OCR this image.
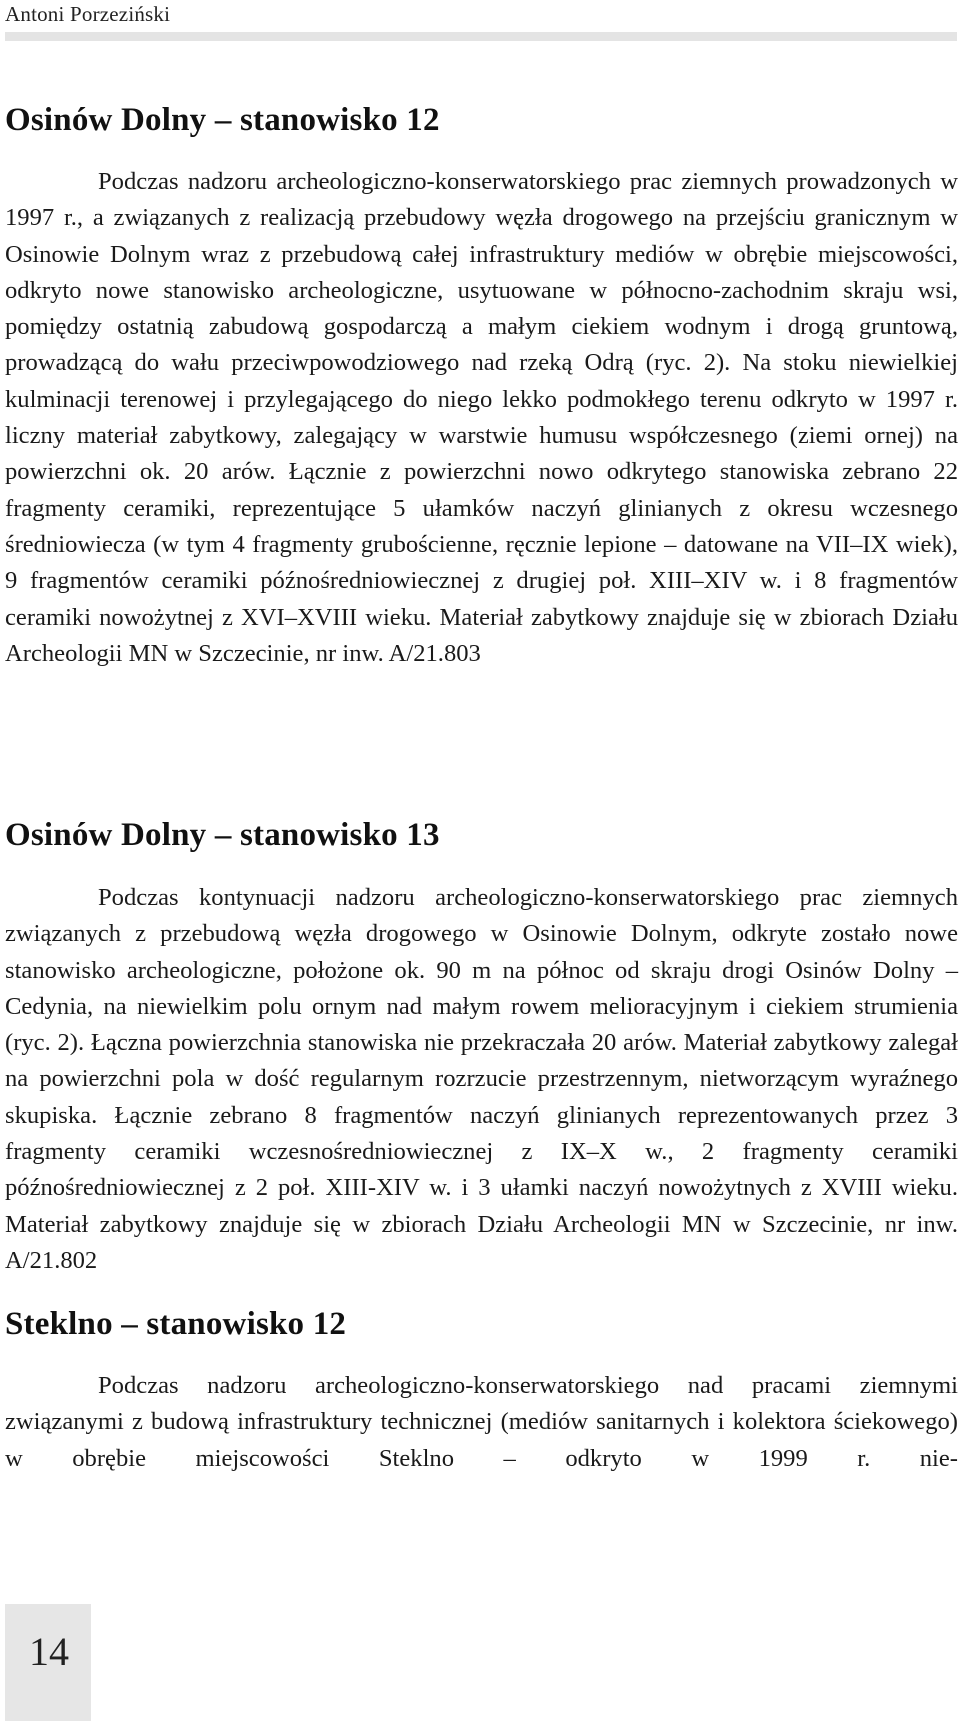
Antoni Porzeziński
Osinów Dolny – stanowisko 12

Podczas nadzoru archeologiczno-konserwatorskiego prac ziemnych prowadzonych w 1997 r., a związanych z realizacją przebudowy węzła drogowego na przejściu granicznym w Osinowie Dolnym wraz z przebudową całej infrastruktury mediów w obrębie miejscowości, odkryto nowe stanowisko archeologiczne, usytuowane w północno-zachodnim skraju wsi, pomiędzy ostatnią zabudową gospodarczą a małym ciekiem wodnym i drogą gruntową, prowadzącą do wału przeciwpowodziowego nad rzeką Odrą (ryc. 2). Na stoku niewielkiej kulminacji terenowej i przylegającego do niego lekko podmokłego terenu odkryto w 1997 r. liczny materiał zabytkowy, zalegający w warstwie humusu współczesnego (ziemi ornej) na powierzchni ok. 20 arów. Łącznie z powierzchni nowo odkrytego stanowiska zebrano 22 fragmenty ceramiki, reprezentujące 5 ułamków naczyń glinianych z okresu wczesnego średniowiecza (w tym 4 fragmenty grubościenne, ręcznie lepione – datowane na VII–IX wiek), 9 fragmentów ceramiki późnośredniowiecznej z drugiej poł. XIII–XIV w. i 8 fragmentów ceramiki nowożytnej z XVI–XVIII wieku. Materiał zabytkowy znajduje się w zbiorach Działu Archeologii MN w Szczecinie, nr inw. A/21.803

Osinów Dolny – stanowisko 13

Podczas kontynuacji nadzoru archeologiczno-konserwatorskiego prac ziemnych związanych z przebudową węzła drogowego w Osinowie Dolnym, odkryte zostało nowe stanowisko archeologiczne, położone ok. 90 m na północ od skraju drogi Osinów Dolny – Cedynia, na niewielkim polu ornym nad małym rowem melioracyjnym i ciekiem strumienia (ryc. 2). Łączna powierzchnia stanowiska nie przekraczała 20 arów. Materiał zabytkowy zalegał na powierzchni pola w dość regularnym rozrzucie przestrzennym, nietworzącym wyraźnego skupiska. Łącznie zebrano 8 fragmentów naczyń glinianych reprezentowanych przez 3 fragmenty ceramiki wczesnośredniowiecznej z IX–X w., 2 fragmenty ceramiki późnośredniowiecznej z 2 poł. XIII-XIV w. i 3 ułamki naczyń nowożytnych z XVIII wieku. Materiał zabytkowy znajduje się w zbiorach Działu Archeologii MN w Szczecinie, nr inw. A/21.802

Steklno – stanowisko 12

Podczas nadzoru archeologiczno-konserwatorskiego nad pracami ziemnymi związanymi z budową infrastruktury technicznej (mediów sanitarnych i kolektora ściekowego) w obrębie miejscowości Steklno – odkryto w 1999 r. nie-

14
